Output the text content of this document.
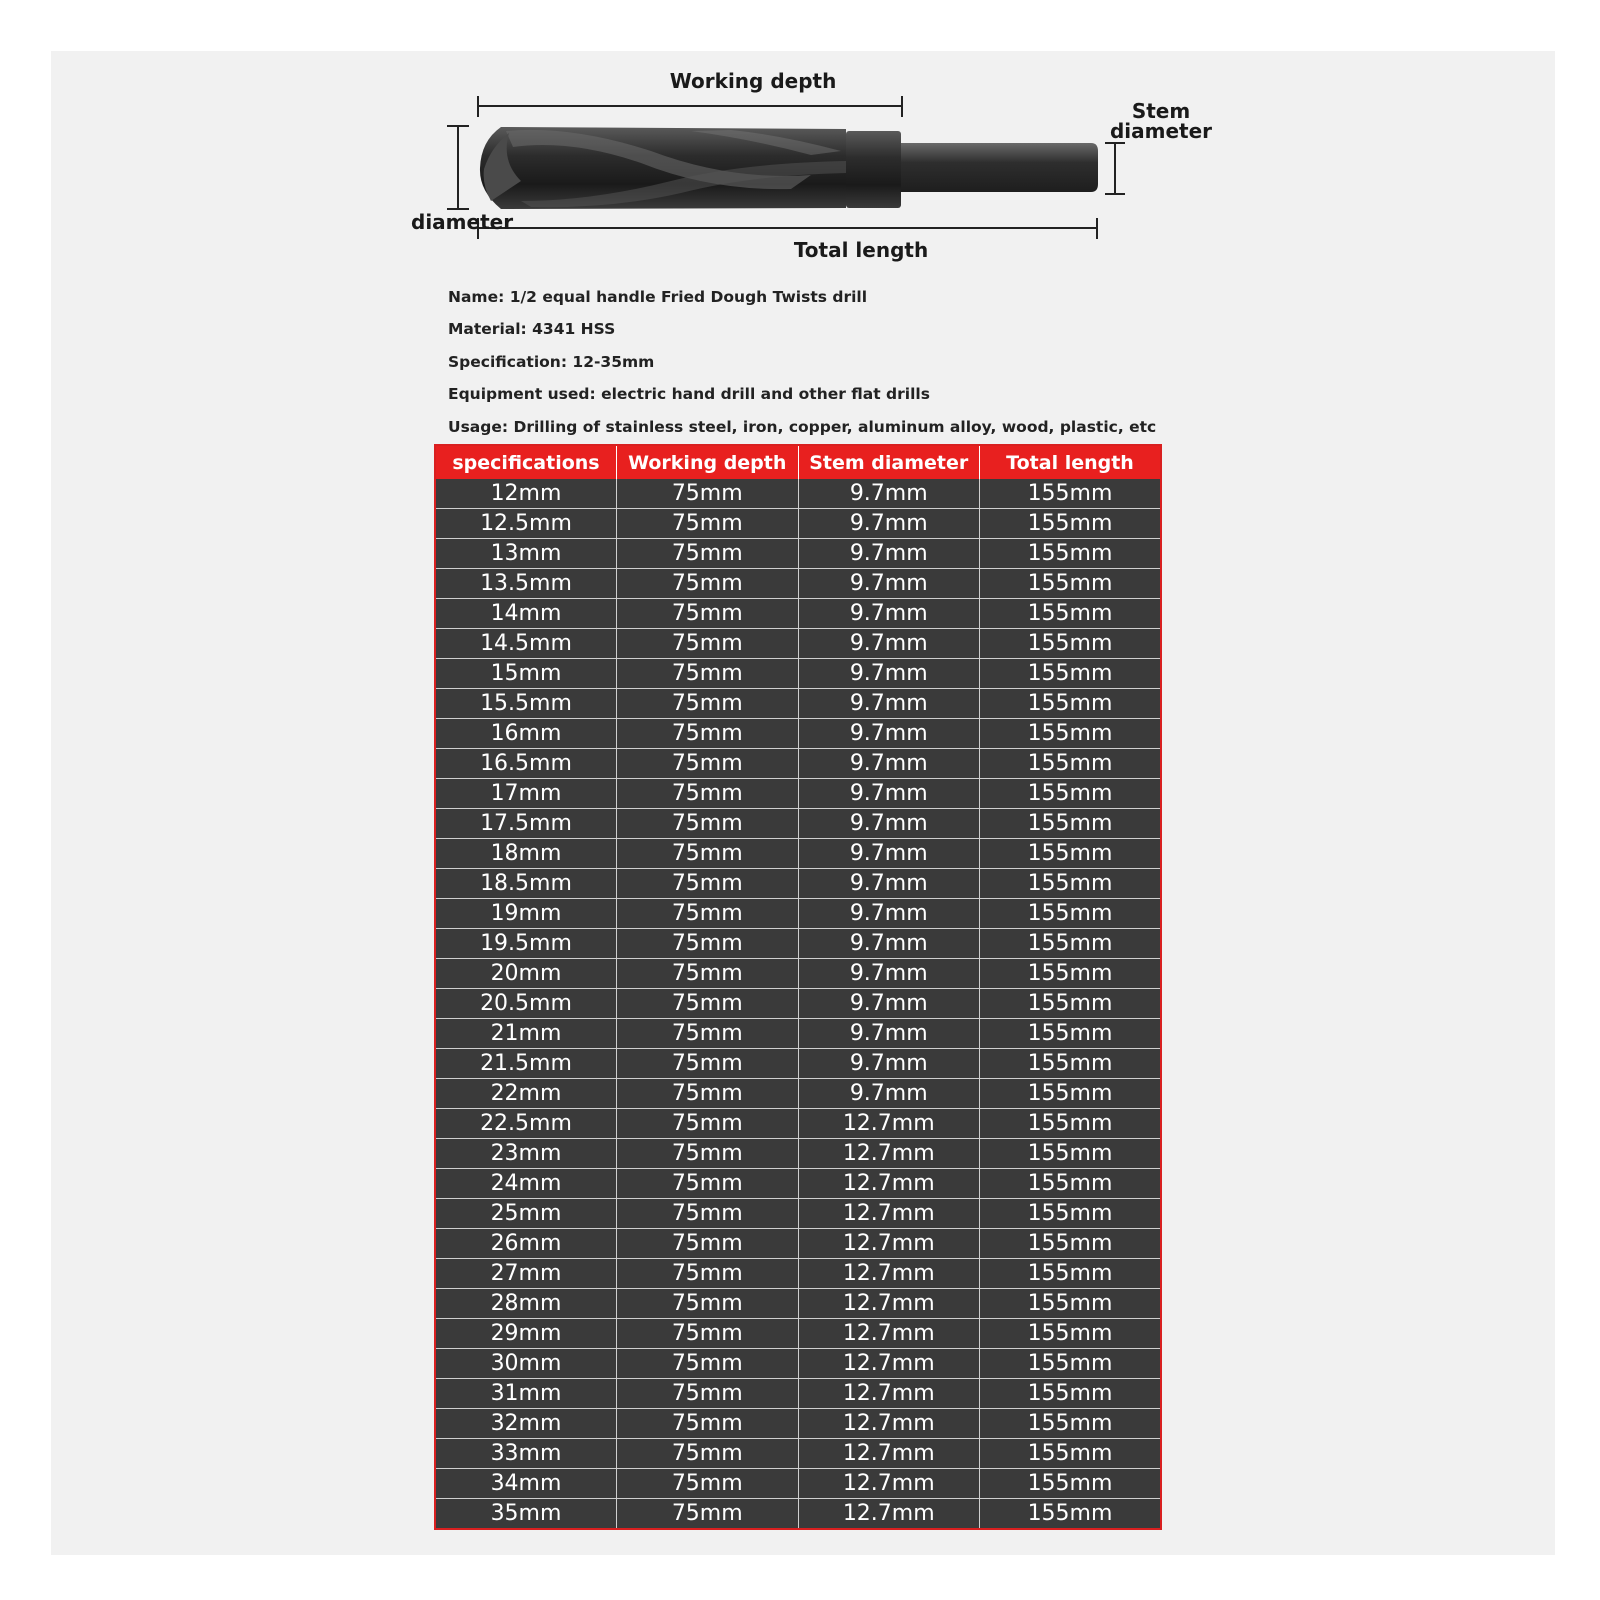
Working depth
Total length
diameter
Stem
diameter
Name: 1/2 equal handle Fried Dough Twists drill
Material: 4341 HSS
Specification: 12-35mm
Equipment used: electric hand drill and other flat drills
Usage: Drilling of stainless steel, iron, copper, aluminum alloy, wood, plastic, etc
specifications	Working depth	Stem diameter	Total length
12mm	75mm	9.7mm	155mm
12.5mm	75mm	9.7mm	155mm
13mm	75mm	9.7mm	155mm
13.5mm	75mm	9.7mm	155mm
14mm	75mm	9.7mm	155mm
14.5mm	75mm	9.7mm	155mm
15mm	75mm	9.7mm	155mm
15.5mm	75mm	9.7mm	155mm
16mm	75mm	9.7mm	155mm
16.5mm	75mm	9.7mm	155mm
17mm	75mm	9.7mm	155mm
17.5mm	75mm	9.7mm	155mm
18mm	75mm	9.7mm	155mm
18.5mm	75mm	9.7mm	155mm
19mm	75mm	9.7mm	155mm
19.5mm	75mm	9.7mm	155mm
20mm	75mm	9.7mm	155mm
20.5mm	75mm	9.7mm	155mm
21mm	75mm	9.7mm	155mm
21.5mm	75mm	9.7mm	155mm
22mm	75mm	9.7mm	155mm
22.5mm	75mm	12.7mm	155mm
23mm	75mm	12.7mm	155mm
24mm	75mm	12.7mm	155mm
25mm	75mm	12.7mm	155mm
26mm	75mm	12.7mm	155mm
27mm	75mm	12.7mm	155mm
28mm	75mm	12.7mm	155mm
29mm	75mm	12.7mm	155mm
30mm	75mm	12.7mm	155mm
31mm	75mm	12.7mm	155mm
32mm	75mm	12.7mm	155mm
33mm	75mm	12.7mm	155mm
34mm	75mm	12.7mm	155mm
35mm	75mm	12.7mm	155mm
